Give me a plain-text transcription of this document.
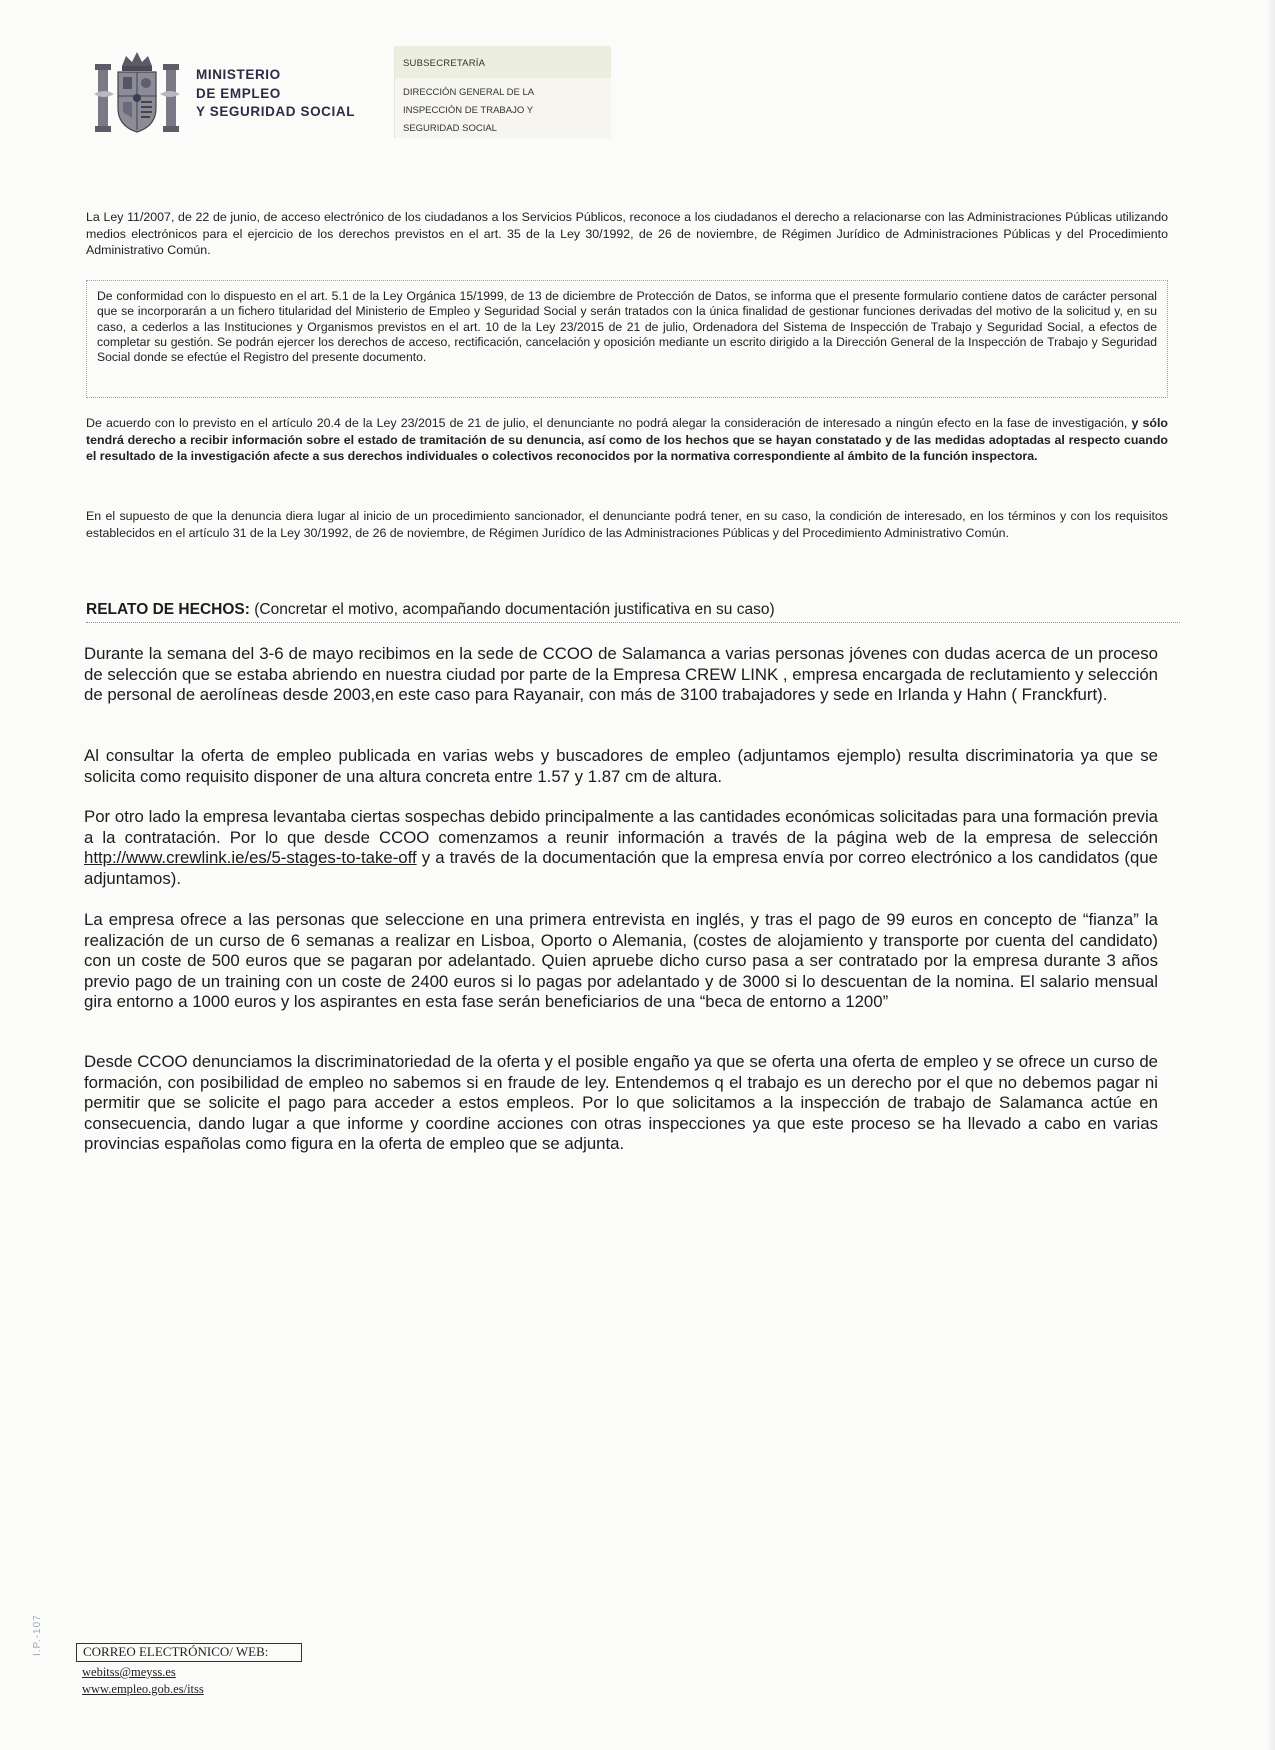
MINISTERIO
DE EMPLEO
Y SEGURIDAD SOCIAL
SUBSECRETARÍA
DIRECCIÓN GENERAL DE LA
INSPECCIÓN DE TRABAJO Y
SEGURIDAD SOCIAL
La Ley 11/2007, de 22 de junio, de acceso electrónico de los ciudadanos a los Servicios Públicos, reconoce a los ciudadanos el derecho a relacionarse con las Administraciones Públicas utilizando medios electrónicos para el ejercicio de los derechos previstos en el art. 35 de la Ley 30/1992, de 26 de noviembre, de Régimen Jurídico de Administraciones Públicas y del Procedimiento Administrativo Común.

De conformidad con lo dispuesto en el art. 5.1 de la Ley Orgánica 15/1999, de 13 de diciembre de Protección de Datos, se informa que el presente formulario contiene datos de carácter personal que se incorporarán a un fichero titularidad del Ministerio de Empleo y Seguridad Social y serán tratados con la única finalidad de gestionar funciones derivadas del motivo de la solicitud y, en su caso, a cederlos a las Instituciones y Organismos previstos en el art. 10 de la Ley 23/2015 de 21 de julio, Ordenadora del Sistema de Inspección de Trabajo y Seguridad Social, a efectos de completar su gestión. Se podrán ejercer los derechos de acceso, rectificación, cancelación y oposición mediante un escrito dirigido a la Dirección General de la Inspección de Trabajo y Seguridad Social donde se efectúe el Registro del presente documento.

De acuerdo con lo previsto en el artículo 20.4 de la Ley 23/2015 de 21 de julio, el denunciante no podrá alegar la consideración de interesado a ningún efecto en la fase de investigación, y sólo tendrá derecho a recibir información sobre el estado de tramitación de su denuncia, así como de los hechos que se hayan constatado y de las medidas adoptadas al respecto cuando el resultado de la investigación afecte a sus derechos individuales o colectivos reconocidos por la normativa correspondiente al ámbito de la función inspectora.
En el supuesto de que la denuncia diera lugar al inicio de un procedimiento sancionador, el denunciante podrá tener, en su caso, la condición de interesado, en los términos y con los requisitos establecidos en el artículo 31 de la Ley 30/1992, de 26 de noviembre, de Régimen Jurídico de las Administraciones Públicas y del Procedimiento Administrativo Común.
RELATO DE HECHOS: (Concretar el motivo, acompañando documentación justificativa en su caso)
Durante la semana del 3-6 de mayo recibimos en la sede de CCOO de Salamanca a varias personas jóvenes con dudas acerca de un proceso de selección que se estaba abriendo en nuestra ciudad por parte de la Empresa CREW LINK , empresa encargada de reclutamiento y selección de personal de aerolíneas desde 2003,en este caso para Rayanair, con más de 3100 trabajadores y sede en Irlanda y Hahn ( Franckfurt).
Al consultar la oferta de empleo publicada en varias webs y buscadores de empleo (adjuntamos ejemplo) resulta discriminatoria ya que se solicita como requisito disponer de una altura concreta entre 1.57 y 1.87 cm de altura.
Por otro lado la empresa levantaba ciertas sospechas debido principalmente a las cantidades económicas solicitadas para una formación previa a la contratación. Por lo que desde CCOO comenzamos a reunir información a través de la página web de la empresa de selección http://www.crewlink.ie/es/5-stages-to-take-off y a través de la documentación que la empresa envía por correo electrónico a los candidatos (que adjuntamos).
La empresa ofrece a las personas que seleccione en una primera entrevista en inglés, y tras el pago de 99 euros en concepto de “fianza” la realización de un curso de 6 semanas a realizar en Lisboa, Oporto o Alemania, (costes de alojamiento y transporte por cuenta del candidato) con un coste de 500 euros que se pagaran por adelantado. Quien apruebe dicho curso pasa a ser contratado por la empresa durante 3 años previo pago de un training con un coste de 2400 euros si lo pagas por adelantado y de 3000 si lo descuentan de la nomina. El salario mensual gira entorno a 1000 euros y los aspirantes en esta fase serán beneficiarios de una “beca de entorno a 1200”
Desde CCOO denunciamos la discriminatoriedad de la oferta y el posible engaño ya que se oferta una oferta de empleo y se ofrece un curso de formación, con posibilidad de empleo no sabemos si en fraude de ley. Entendemos q el trabajo es un derecho por el que no debemos pagar ni permitir que se solicite el pago para acceder a estos empleos. Por lo que solicitamos a la inspección de trabajo de Salamanca actúe en consecuencia, dando lugar a que informe y coordine acciones con otras inspecciones ya que este proceso se ha llevado a cabo en varias provincias españolas como figura en la oferta de empleo que se adjunta.
I.P.-107	CORREO ELECTRÓNICO/ WEB:
webitss@meyss.es
www.empleo.gob.es/itss
